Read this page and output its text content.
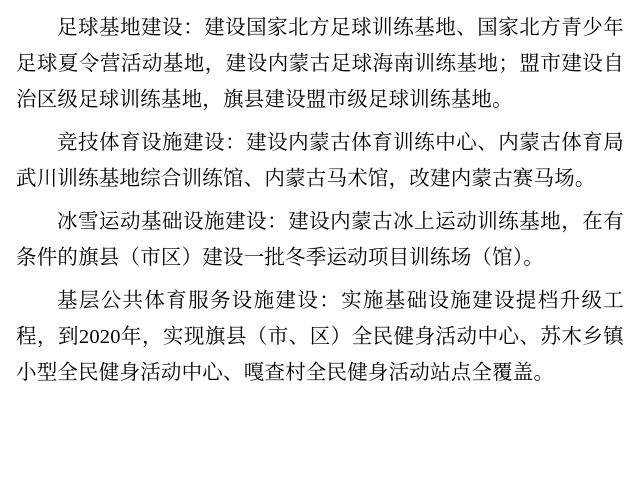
足球基地建设：建设国家北方足球训练基地、国家北方青少年足球夏令营活动基地，建设内蒙古足球海南训练基地；盟市建设自治区级足球训练基地，旗县建设盟市级足球训练基地。

竞技体育设施建设：建设内蒙古体育训练中心、内蒙古体育局武川训练基地综合训练馆、内蒙古马术馆，改建内蒙古赛马场。

冰雪运动基础设施建设：建设内蒙古冰上运动训练基地，在有条件的旗县（市区）建设一批冬季运动项目训练场（馆）。

基层公共体育服务设施建设：实施基础设施建设提档升级工程，到2020年，实现旗县（市、区）全民健身活动中心、苏木乡镇小型全民健身活动中心、嘎查村全民健身活动站点全覆盖。
